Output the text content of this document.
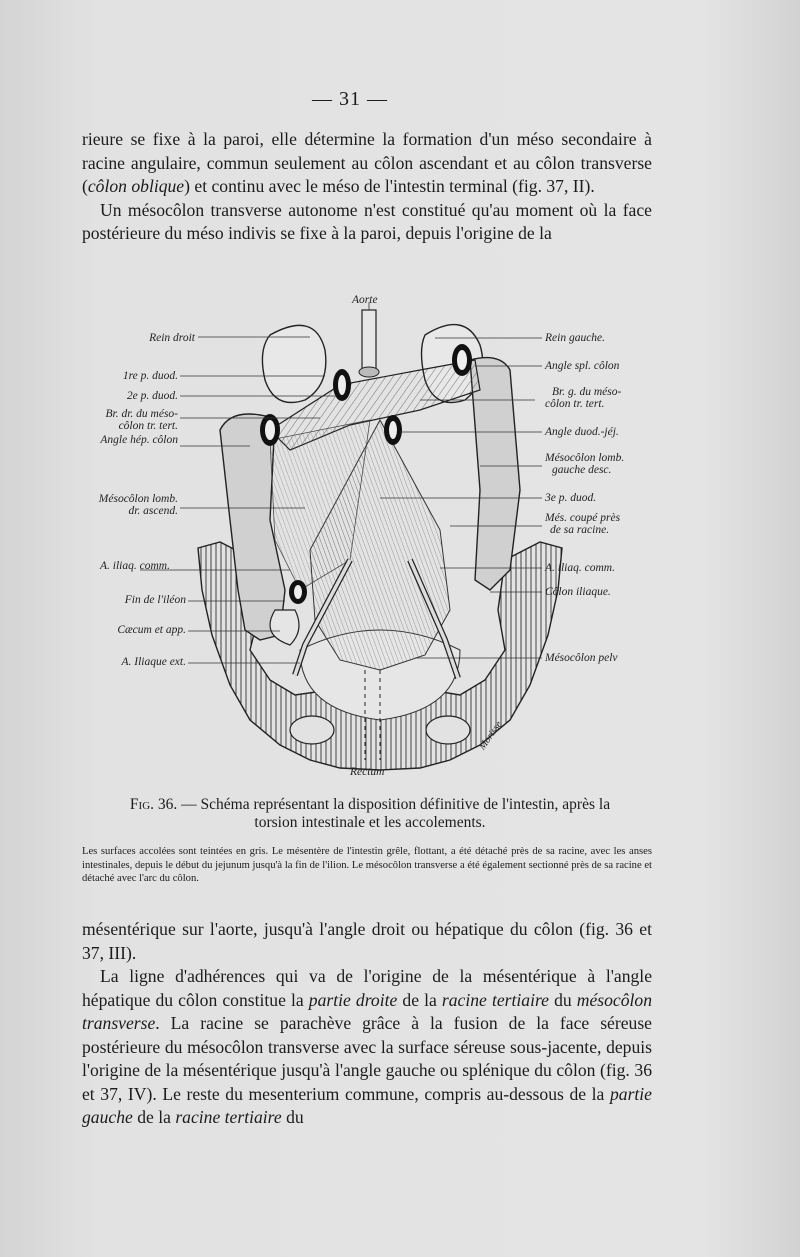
— 31 —

rieure se fixe à la paroi, elle détermine la formation d'un méso secondaire à racine angulaire, commun seulement au côlon ascendant et au côlon transverse (côlon oblique) et continu avec le méso de l'intestin terminal (fig. 37, II).

Un mésocôlon transverse autonome n'est constitué qu'au moment où la face postérieure du méso indivis se fixe à la paroi, depuis l'origine de la

Aorte
Rectum
Morisse
Rein droit
1re p. duod.
2e p. duod.
Br. dr. du méso-
côlon tr. tert.
Angle hép. côlon
Mésocôlon lomb.
dr. ascend.
A. iliaq. comm.
Fin de l'iléon
Cæcum et app.
A. Iliaque ext.
Rein gauche.
Angle spl. côlon
Br. g. du méso-
côlon tr. tert.
Angle duod.-jéj.
Mésocôlon lomb.
gauche desc.
3e p. duod.
Més. coupé près
de sa racine.
A. iliaq. comm.
Côlon iliaque.
Mésocôlon pelv
Fig. 36. — Schéma représentant la disposition définitive de l'intestin, après la torsion intestinale et les accolements.
Les surfaces accolées sont teintées en gris. Le mésentère de l'intestin grêle, flottant, a été détaché près de sa racine, avec les anses intestinales, depuis le début du jejunum jusqu'à la fin de l'ilion. Le mésocôlon transverse a été également sectionné près de sa racine et détaché avec l'arc du côlon.

mésentérique sur l'aorte, jusqu'à l'angle droit ou hépatique du côlon (fig. 36 et 37, III).

La ligne d'adhérences qui va de l'origine de la mésentérique à l'angle hépatique du côlon constitue la partie droite de la racine tertiaire du mésocôlon transverse. La racine se parachève grâce à la fusion de la face séreuse postérieure du mésocôlon transverse avec la surface séreuse sous-jacente, depuis l'origine de la mésentérique jusqu'à l'angle gauche ou splénique du côlon (fig. 36 et 37, IV). Le reste du mesenterium commune, compris au-dessous de la partie gauche de la racine tertiaire du
